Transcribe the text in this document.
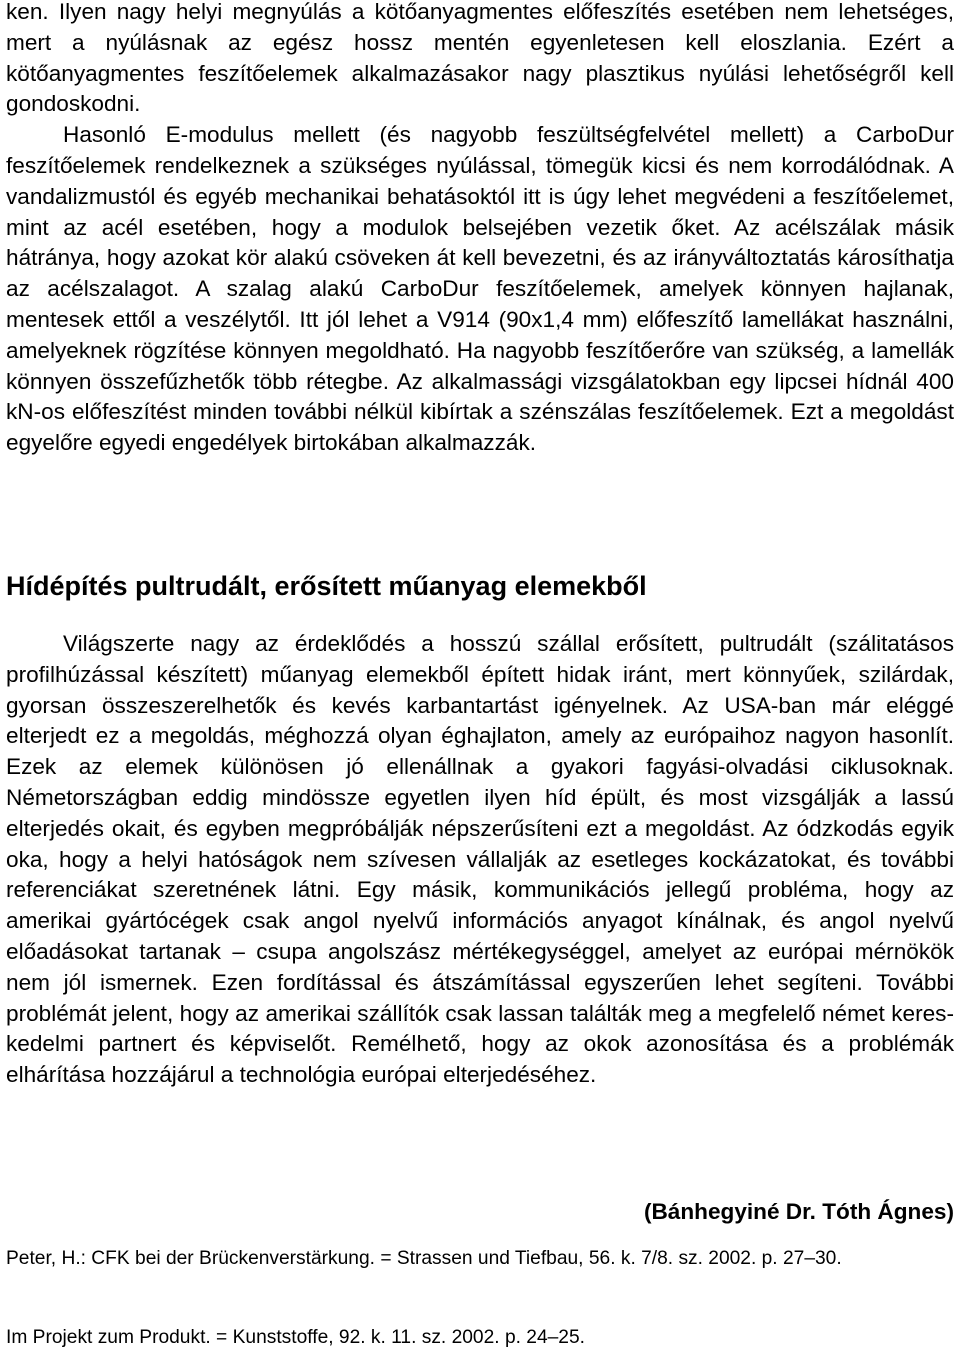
ken. Ilyen nagy helyi megnyúlás a kötőanyagmentes előfeszítés esetében nem lehetséges, mert a nyúlásnak az egész hossz mentén egyenletesen kell eloszlania. Ezért a kötőanyagmentes feszítőelemek alkalmazásakor nagy plasztikus nyúlási lehetőségről kell gondoskodni.

Hasonló E-modulus mellett (és nagyobb feszültségfelvétel mellett) a CarboDur feszítőelemek rendelkeznek a szükséges nyúlással, tömegük kicsi és nem korrodálódnak. A vandalizmustól és egyéb mechanikai behatásoktól itt is úgy lehet megvédeni a feszítőelemet, mint az acél esetében, hogy a modulok belsejében vezetik őket. Az acélszálak másik hátránya, hogy azokat kör alakú csöveken át kell bevezetni, és az irányváltoztatás károsíthatja az acélszalagot. A szalag alakú CarboDur feszítőelemek, amelyek könnyen hajlanak, mentesek ettől a veszélytől. Itt jól lehet a V914 (90x1,4 mm) előfeszítő lamellákat használni, amelyeknek rögzítése könnyen megoldható. Ha nagyobb feszítőerőre van szükség, a lamellák könnyen összefűzhetők több rétegbe. Az alkalmassági vizsgálatokban egy lipcsei hídnál 400 kN-os előfeszítést minden további nélkül kibírtak a szénszálas feszítőelemek. Ezt a megoldást egyelőre egyedi engedélyek birtokában alkalmazzák.

Hídépítés pultrudált, erősített műanyag elemekből

Világszerte nagy az érdeklődés a hosszú szállal erősített, pultrudált (szálitatásos profilhúzással készített) műanyag elemekből épített hidak iránt, mert könnyűek, szilárdak, gyorsan összeszerelhetők és kevés karbantartást igényelnek. Az USA-ban már eléggé elterjedt ez a megoldás, méghozzá olyan éghajlaton, amely az európaihoz nagyon hasonlít. Ezek az elemek különösen jó ellenállnak a gyakori fagyási-olvadási ciklusoknak. Németországban eddig mindössze egyetlen ilyen híd épült, és most vizsgálják a lassú elterjedés okait, és egyben megpróbálják népszerűsíteni ezt a megoldást. Az ódzkodás egyik oka, hogy a helyi hatóságok nem szívesen vállalják az esetleges kockázatokat, és további referenciákat szeretnének látni. Egy másik, kommunikációs jellegű probléma, hogy az amerikai gyártócégek csak angol nyelvű információs anyagot kínálnak, és angol nyelvű előadásokat tartanak – csupa angolszász mértékegységgel, amelyet az európai mérnökök nem jól ismernek. Ezen fordítással és átszámítással egyszerűen lehet segíteni. További problémát jelent, hogy az amerikai szállítók csak lassan találták meg a megfelelő német kereskedelmi partnert és képviselőt. Remélhető, hogy az okok azonosítása és a problémák elhárítása hozzájárul a technológia európai elterjedéséhez.

(Bánhegyiné Dr. Tóth Ágnes)

Peter, H.: CFK bei der Brückenverstärkung. = Strassen und Tiefbau, 56. k. 7/8. sz. 2002. p. 27–30.

Im Projekt zum Produkt. = Kunststoffe, 92. k. 11. sz. 2002. p. 24–25.
